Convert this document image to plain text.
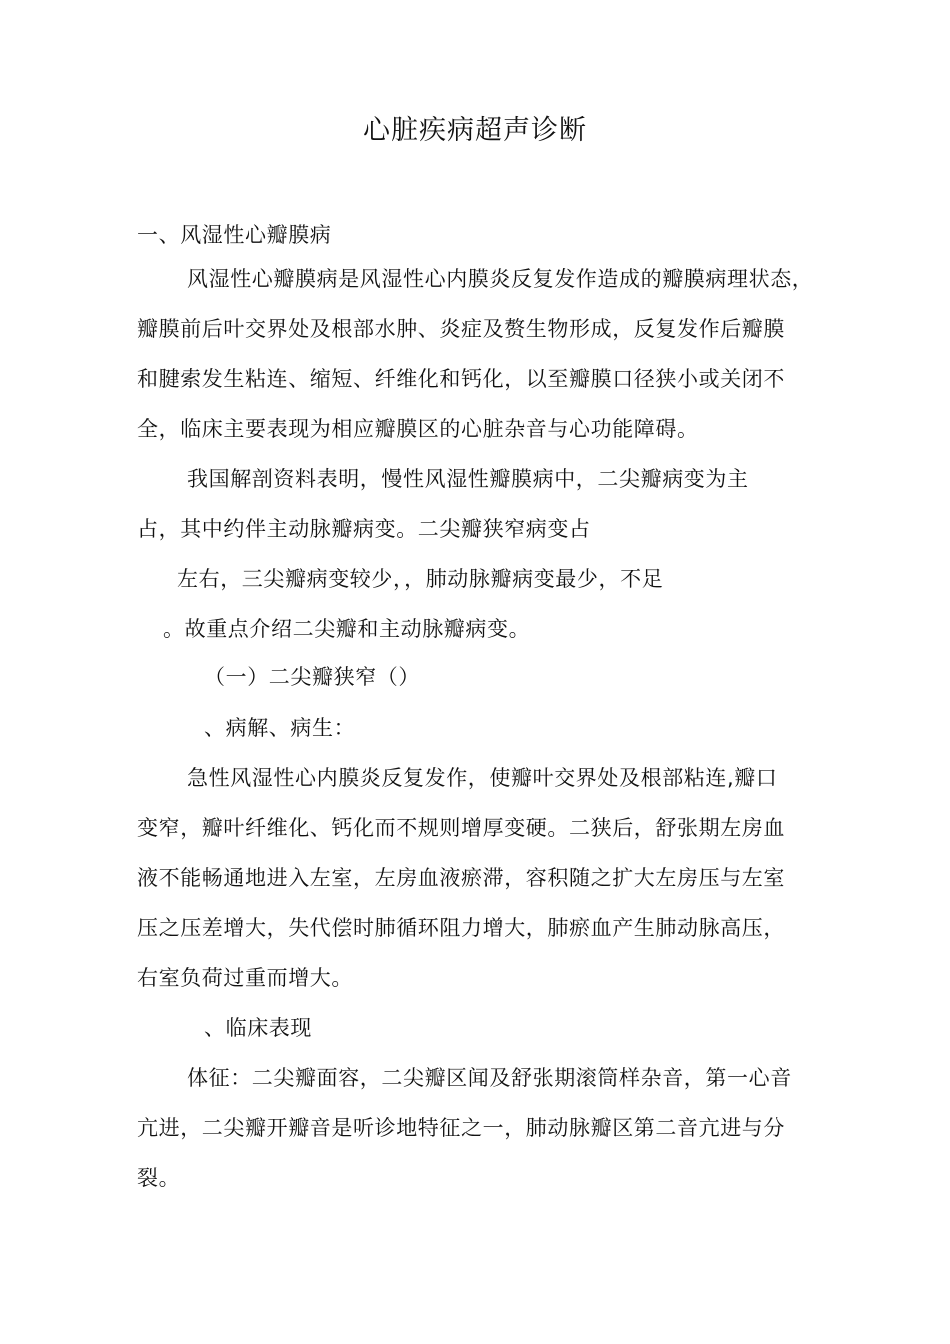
心脏疾病超声诊断
一、风湿性心瓣膜病
风湿性心瓣膜病是风湿性心内膜炎反复发作造成的瓣膜病理状态，
瓣膜前后叶交界处及根部水肿、炎症及赘生物形成，反复发作后瓣膜
和腱索发生粘连、缩短、纤维化和钙化，以至瓣膜口径狭小或关闭不
全，临床主要表现为相应瓣膜区的心脏杂音与心功能障碍。
我国解剖资料表明，慢性风湿性瓣膜病中，二尖瓣病变为主
占，其中约伴主动脉瓣病变。二尖瓣狭窄病变占
左右，三尖瓣病变较少，，肺动脉瓣病变最少，不足
。故重点介绍二尖瓣和主动脉瓣病变。
（一）二尖瓣狭窄（）
、病解、病生：
急性风湿性心内膜炎反复发作，使瓣叶交界处及根部粘连,瓣口
变窄，瓣叶纤维化、钙化而不规则增厚变硬。二狭后，舒张期左房血
液不能畅通地进入左室，左房血液瘀滞，容积随之扩大左房压与左室
压之压差增大，失代偿时肺循环阻力增大，肺瘀血产生肺动脉高压，
右室负荷过重而增大。
、临床表现
体征：二尖瓣面容，二尖瓣区闻及舒张期滚筒样杂音，第一心音
亢进，二尖瓣开瓣音是听诊地特征之一，肺动脉瓣区第二音亢进与分
裂。
